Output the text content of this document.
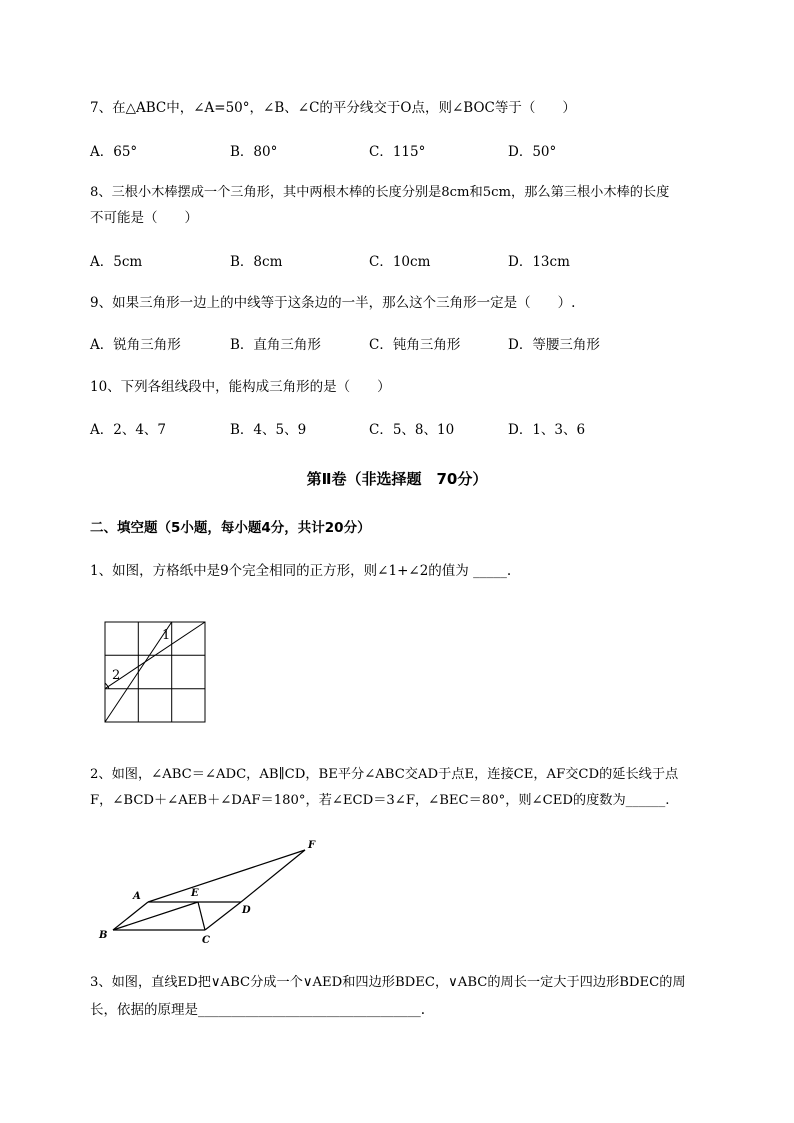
7、在△ABC中，∠A=50°，∠B、∠C的平分线交于O点，则∠BOC等于（　　）
A．65°	B．80°	C．115°	D．50°
8、三根小木棒摆成一个三角形，其中两根木棒的长度分别是8cm和5cm，那么第三根小木棒的长度
不可能是（　　）
A．5cm	B．8cm	C．10cm	D．13cm
9、如果三角形一边上的中线等于这条边的一半，那么这个三角形一定是（　　）.
A．锐角三角形	B．直角三角形	C．钝角三角形	D．等腰三角形
10、下列各组线段中，能构成三角形的是（　　）
A．2、4、7	B．4、5、9	C．5、8、10	D．1、3、6
第Ⅱ卷（非选择题　70分）
二、填空题（5小题，每小题4分，共计20分）
1、如图，方格纸中是9个完全相同的正方形，则∠1+∠2的值为 _____.
1
2
2、如图，∠ABC＝∠ADC，AB∥CD，BE平分∠ABC交AD于点E，连接CE，AF交CD的延长线于点
F，∠BCD＋∠AEB＋∠DAF＝180°，若∠ECD＝3∠F，∠BEC＝80°，则∠CED的度数为______.
A
B	C
D
E
F
3、如图，直线ED把∨ABC分成一个∨AED和四边形BDEC，∨ABC的周长一定大于四边形BDEC的周
长，依据的原理是_________________________________.
